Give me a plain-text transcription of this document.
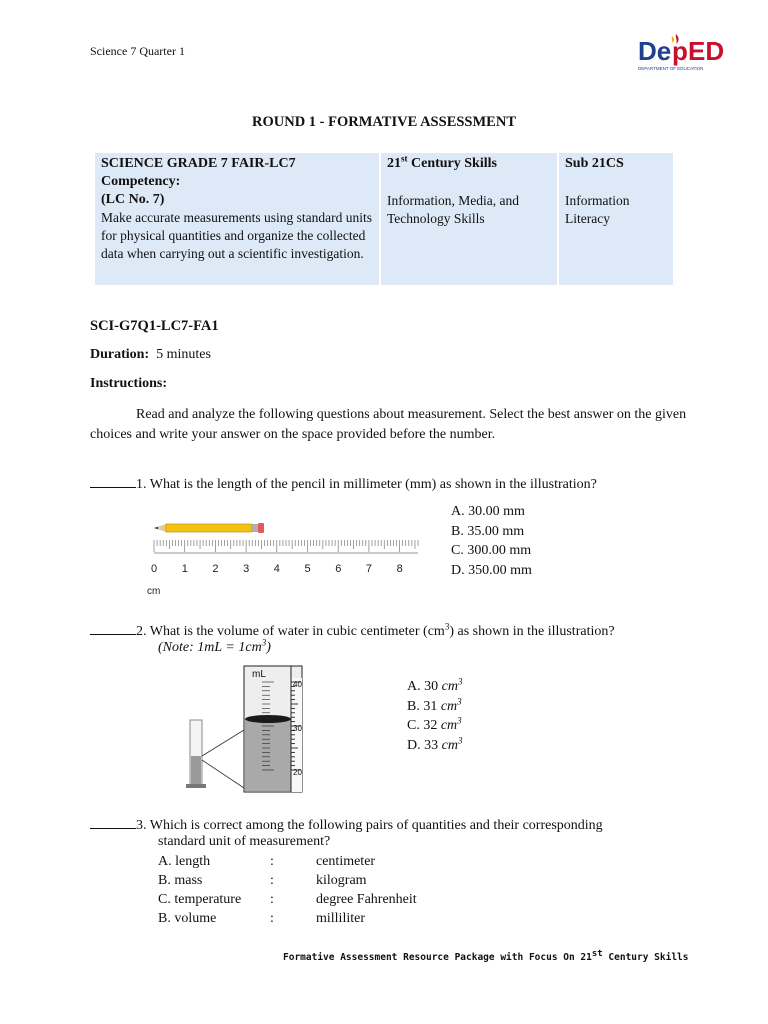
Science 7 Quarter 1	De p ED
DEPARTMENT OF EDUCATION
ROUND 1 - FORMATIVE ASSESSMENT
SCIENCE GRADE 7 FAIR-LC7
Competency:
(LC No. 7)
Make accurate measurements using standard units for physical quantities and organize the collected data when carrying out a scientific investigation.

21st Century Skills
Information, Media, and Technology Skills

Sub 21CS
Information Literacy
SCI-G7Q1-LC7-FA1
Duration: 5 minutes
Instructions:
Read and analyze the following questions about measurement. Select the best answer on the given choices and write your answer on the space provided before the number.
1. What is the length of the pencil in millimeter (mm) as shown in the illustration?
0 1 2 3 4 5 6 7 8
cm
A. 30.00 mm
B. 35.00 mm
C. 300.00 mm
D. 350.00 mm
2. What is the volume of water in cubic centimeter $(cm^3)$ as shown in the illustration?
(Note: $1mL = 1cm^3$)
mL
40
30
20
A. 30 $cm^3$
B. 31 $cm^3$
C. 32 $cm^3$
D. 33 $cm^3$
3. Which is correct among the following pairs of quantities and their corresponding
standard unit of measurement?
A. length	:	centimeter
B. mass	:	kilogram
C. temperature	:	degree Fahrenheit
B. volume	:	milliliter
Formative Assessment Resource Package with Focus On 21st Century Skills
